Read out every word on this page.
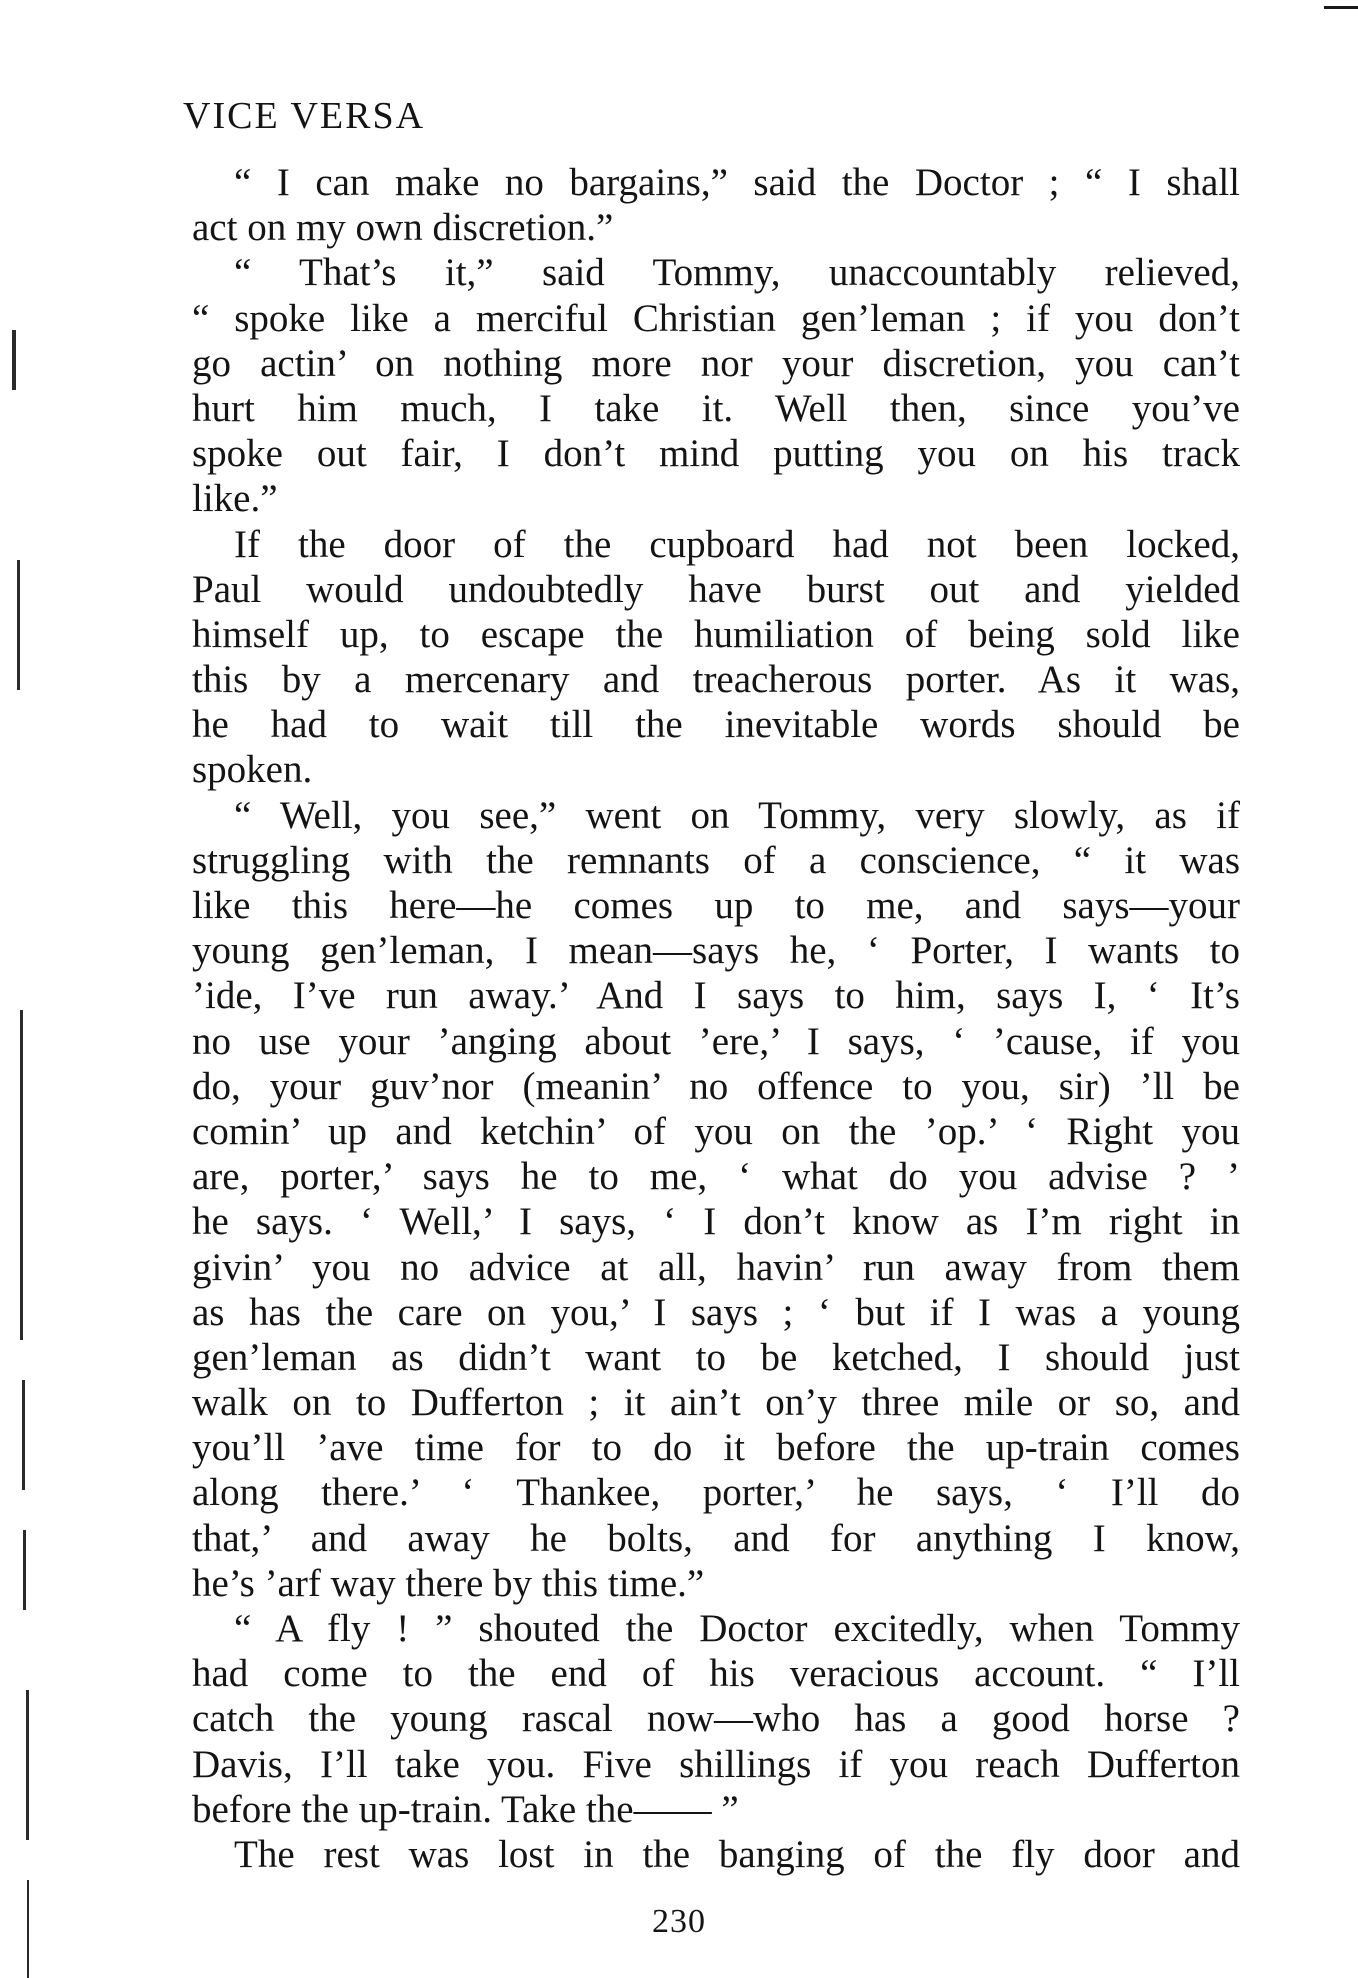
VICE VERSA
“ I can make no bargains,” said the Doctor ; “ I shall
act on my own discretion.”
“ That’s it,” said Tommy, unaccountably relieved,
“ spoke like a merciful Christian gen’leman ; if you don’t
go actin’ on nothing more nor your discretion, you can’t
hurt him much, I take it. Well then, since you’ve
spoke out fair, I don’t mind putting you on his track
like.”
If the door of the cupboard had not been locked,
Paul would undoubtedly have burst out and yielded
himself up, to escape the humiliation of being sold like
this by a mercenary and treacherous porter. As it was,
he had to wait till the inevitable words should be
spoken.
“ Well, you see,” went on Tommy, very slowly, as if
struggling with the remnants of a conscience, “ it was
like this here—he comes up to me, and says—your
young gen’leman, I mean—says he, ‘ Porter, I wants to
’ide, I’ve run away.’ And I says to him, says I, ‘ It’s
no use your ’anging about ’ere,’ I says, ‘ ’cause, if you
do, your guv’nor (meanin’ no offence to you, sir) ’ll be
comin’ up and ketchin’ of you on the ’op.’ ‘ Right you
are, porter,’ says he to me, ‘ what do you advise ? ’
he says. ‘ Well,’ I says, ‘ I don’t know as I’m right in
givin’ you no advice at all, havin’ run away from them
as has the care on you,’ I says ; ‘ but if I was a young
gen’leman as didn’t want to be ketched, I should just
walk on to Dufferton ; it ain’t on’y three mile or so, and
you’ll ’ave time for to do it before the up-train comes
along there.’ ‘ Thankee, porter,’ he says, ‘ I’ll do
that,’ and away he bolts, and for anything I know,
he’s ’arf way there by this time.”
“ A fly ! ” shouted the Doctor excitedly, when Tommy
had come to the end of his veracious account. “ I’ll
catch the young rascal now—who has a good horse ?
Davis, I’ll take you. Five shillings if you reach Dufferton
before the up-train. Take the—— ”
The rest was lost in the banging of the fly door and
230
